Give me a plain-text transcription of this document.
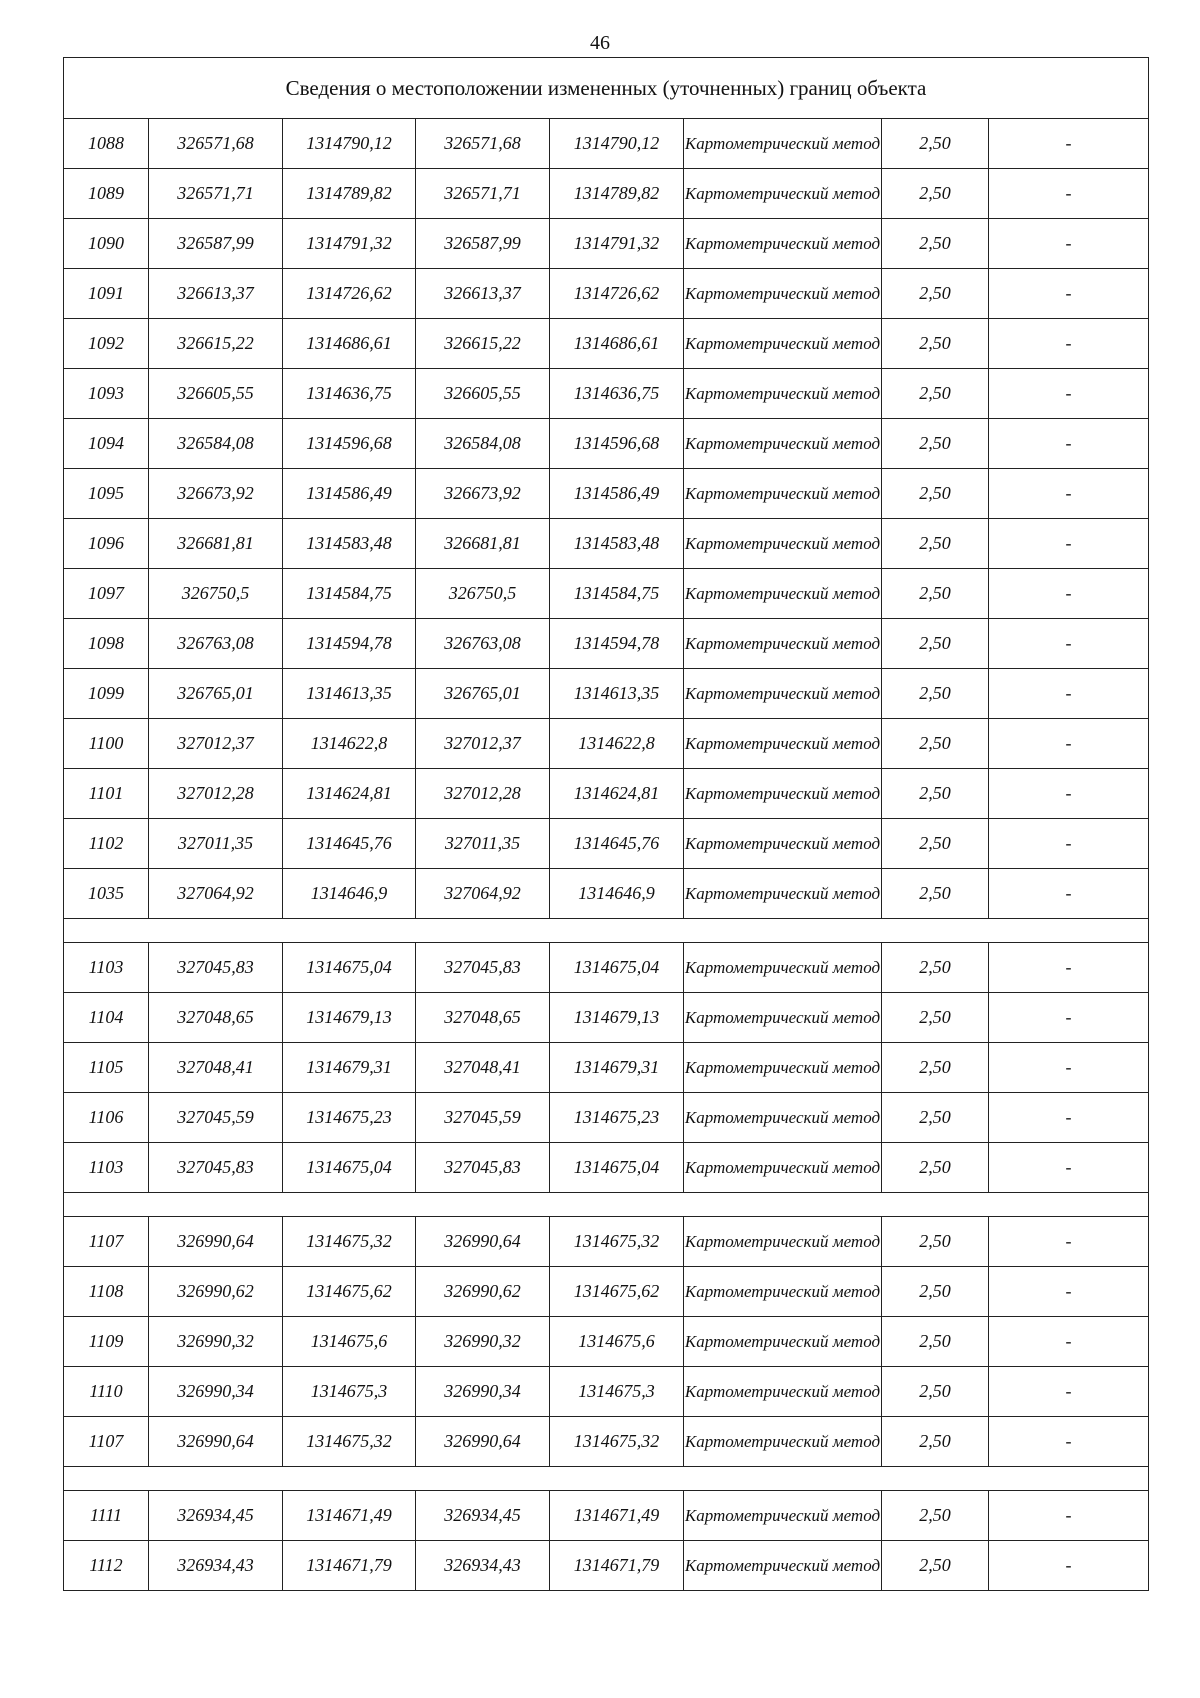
46
Сведения о местоположении измененных (уточненных) границ объекта							
1088	326571,68	1314790,12	326571,68	1314790,12	Картометрический метод	2,50	-
1089	326571,71	1314789,82	326571,71	1314789,82	Картометрический метод	2,50	-
1090	326587,99	1314791,32	326587,99	1314791,32	Картометрический метод	2,50	-
1091	326613,37	1314726,62	326613,37	1314726,62	Картометрический метод	2,50	-
1092	326615,22	1314686,61	326615,22	1314686,61	Картометрический метод	2,50	-
1093	326605,55	1314636,75	326605,55	1314636,75	Картометрический метод	2,50	-
1094	326584,08	1314596,68	326584,08	1314596,68	Картометрический метод	2,50	-
1095	326673,92	1314586,49	326673,92	1314586,49	Картометрический метод	2,50	-
1096	326681,81	1314583,48	326681,81	1314583,48	Картометрический метод	2,50	-
1097	326750,5	1314584,75	326750,5	1314584,75	Картометрический метод	2,50	-
1098	326763,08	1314594,78	326763,08	1314594,78	Картометрический метод	2,50	-
1099	326765,01	1314613,35	326765,01	1314613,35	Картометрический метод	2,50	-
1100	327012,37	1314622,8	327012,37	1314622,8	Картометрический метод	2,50	-
1101	327012,28	1314624,81	327012,28	1314624,81	Картометрический метод	2,50	-
1102	327011,35	1314645,76	327011,35	1314645,76	Картометрический метод	2,50	-
1035	327064,92	1314646,9	327064,92	1314646,9	Картометрический метод	2,50	-

1103	327045,83	1314675,04	327045,83	1314675,04	Картометрический метод	2,50	-
1104	327048,65	1314679,13	327048,65	1314679,13	Картометрический метод	2,50	-
1105	327048,41	1314679,31	327048,41	1314679,31	Картометрический метод	2,50	-
1106	327045,59	1314675,23	327045,59	1314675,23	Картометрический метод	2,50	-
1103	327045,83	1314675,04	327045,83	1314675,04	Картометрический метод	2,50	-

1107	326990,64	1314675,32	326990,64	1314675,32	Картометрический метод	2,50	-
1108	326990,62	1314675,62	326990,62	1314675,62	Картометрический метод	2,50	-
1109	326990,32	1314675,6	326990,32	1314675,6	Картометрический метод	2,50	-
1110	326990,34	1314675,3	326990,34	1314675,3	Картометрический метод	2,50	-
1107	326990,64	1314675,32	326990,64	1314675,32	Картометрический метод	2,50	-

1111	326934,45	1314671,49	326934,45	1314671,49	Картометрический метод	2,50	-
1112	326934,43	1314671,79	326934,43	1314671,79	Картометрический метод	2,50	-
